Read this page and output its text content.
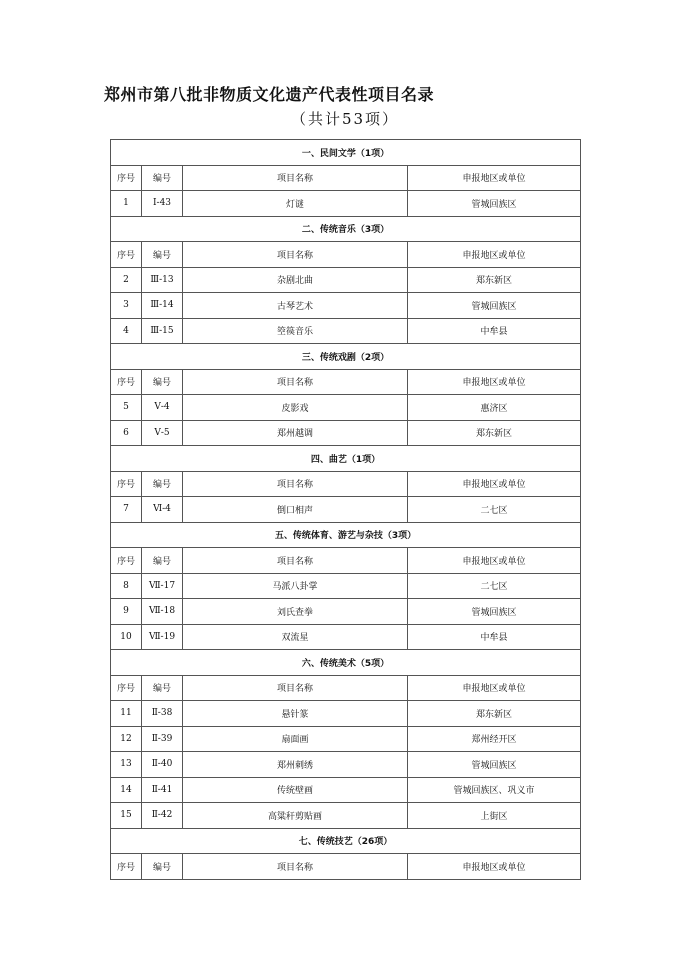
郑州市第八批非物质文化遗产代表性项目名录

（共计53项）

一、民间文学（1项）			
序号	编号	项目名称	申报地区或单位
1	Ⅰ-43	灯谜	管城回族区
二、传统音乐（3项）			
序号	编号	项目名称	申报地区或单位
2	Ⅲ-13	杂剧北曲	郑东新区
3	Ⅲ-14	古琴艺术	管城回族区
4	Ⅲ-15	箜篌音乐	中牟县
三、传统戏剧（2项）			
序号	编号	项目名称	申报地区或单位
5	Ⅴ-4	皮影戏	惠济区
6	Ⅴ-5	郑州越调	郑东新区
四、曲艺（1项）			
序号	编号	项目名称	申报地区或单位
7	Ⅵ-4	倒口相声	二七区
五、传统体育、游艺与杂技（3项）			
序号	编号	项目名称	申报地区或单位
8	Ⅶ-17	马派八卦掌	二七区
9	Ⅶ-18	刘氏查拳	管城回族区
10	Ⅶ-19	双流星	中牟县
六、传统美术（5项）			
序号	编号	项目名称	申报地区或单位
11	Ⅱ-38	悬针篆	郑东新区
12	Ⅱ-39	扇面画	郑州经开区
13	Ⅱ-40	郑州刺绣	管城回族区
14	Ⅱ-41	传统壁画	管城回族区、巩义市
15	Ⅱ-42	高粱秆剪贴画	上街区
七、传统技艺（26项）			
序号	编号	项目名称	申报地区或单位
